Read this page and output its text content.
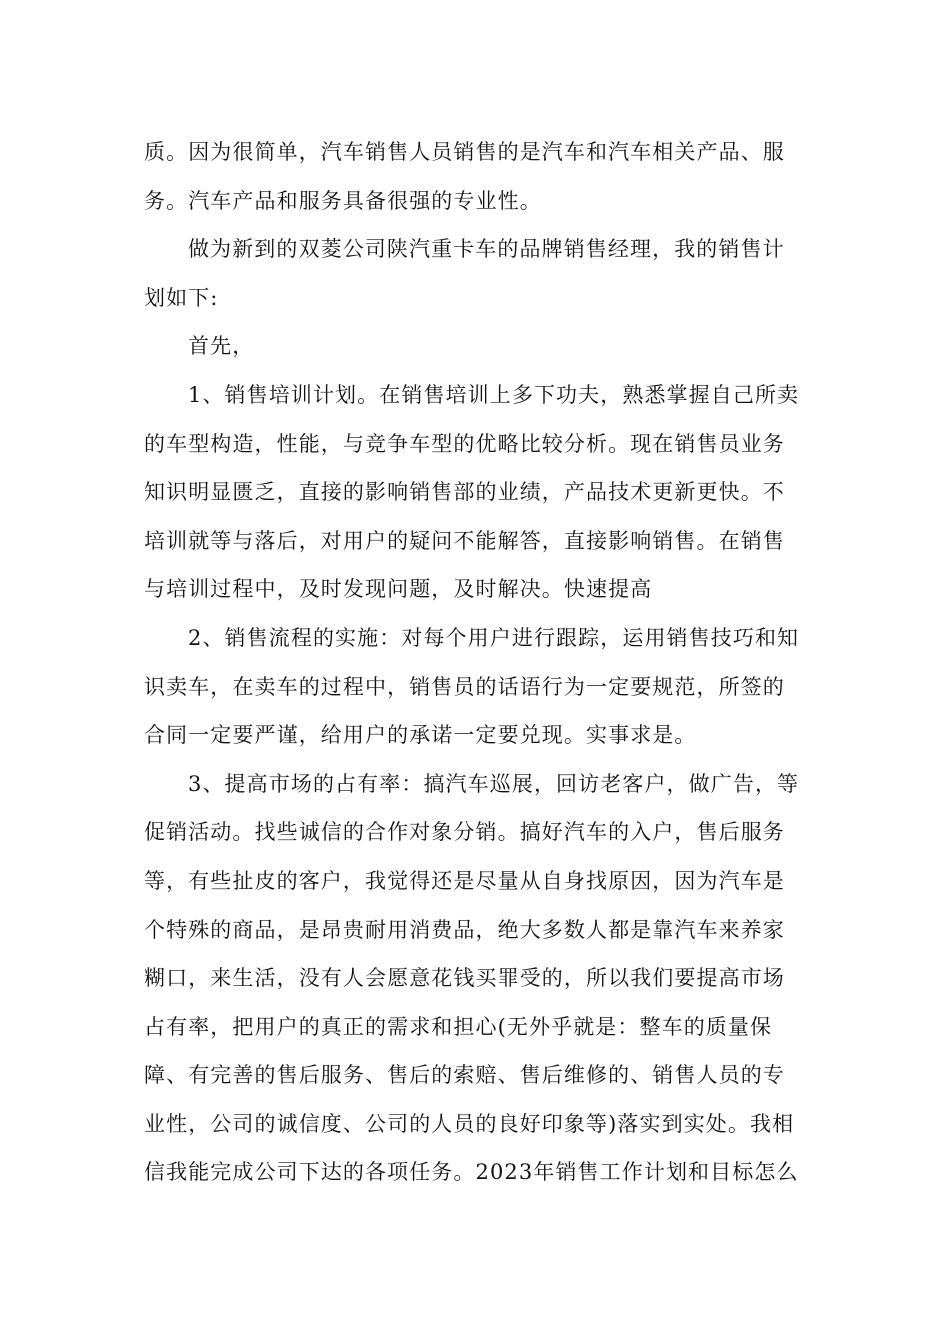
质。因为很简单，汽车销售人员销售的是汽车和汽车相关产品、服
务。汽车产品和服务具备很强的专业性。
做为新到的双菱公司陕汽重卡车的品牌销售经理，我的销售计
划如下:
首先，
1、销售培训计划。在销售培训上多下功夫，熟悉掌握自己所卖
的车型构造，性能，与竞争车型的优略比较分析。现在销售员业务
知识明显匮乏，直接的影响销售部的业绩，产品技术更新更快。不
培训就等与落后，对用户的疑问不能解答，直接影响销售。在销售
与培训过程中，及时发现问题，及时解决。快速提高
2、销售流程的实施：对每个用户进行跟踪，运用销售技巧和知
识卖车，在卖车的过程中，销售员的话语行为一定要规范，所签的
合同一定要严谨，给用户的承诺一定要兑现。实事求是。
3、提高市场的占有率：搞汽车巡展，回访老客户，做广告，等
促销活动。找些诚信的合作对象分销。搞好汽车的入户，售后服务
等，有些扯皮的客户，我觉得还是尽量从自身找原因，因为汽车是
个特殊的商品，是昂贵耐用消费品，绝大多数人都是靠汽车来养家
糊口，来生活，没有人会愿意花钱买罪受的，所以我们要提高市场
占有率，把用户的真正的需求和担心(无外乎就是：整车的质量保
障、有完善的售后服务、售后的索赔、售后维修的、销售人员的专
业性，公司的诚信度、公司的人员的良好印象等)落实到实处。我相
信我能完成公司下达的各项任务。2023年销售工作计划和目标怎么
